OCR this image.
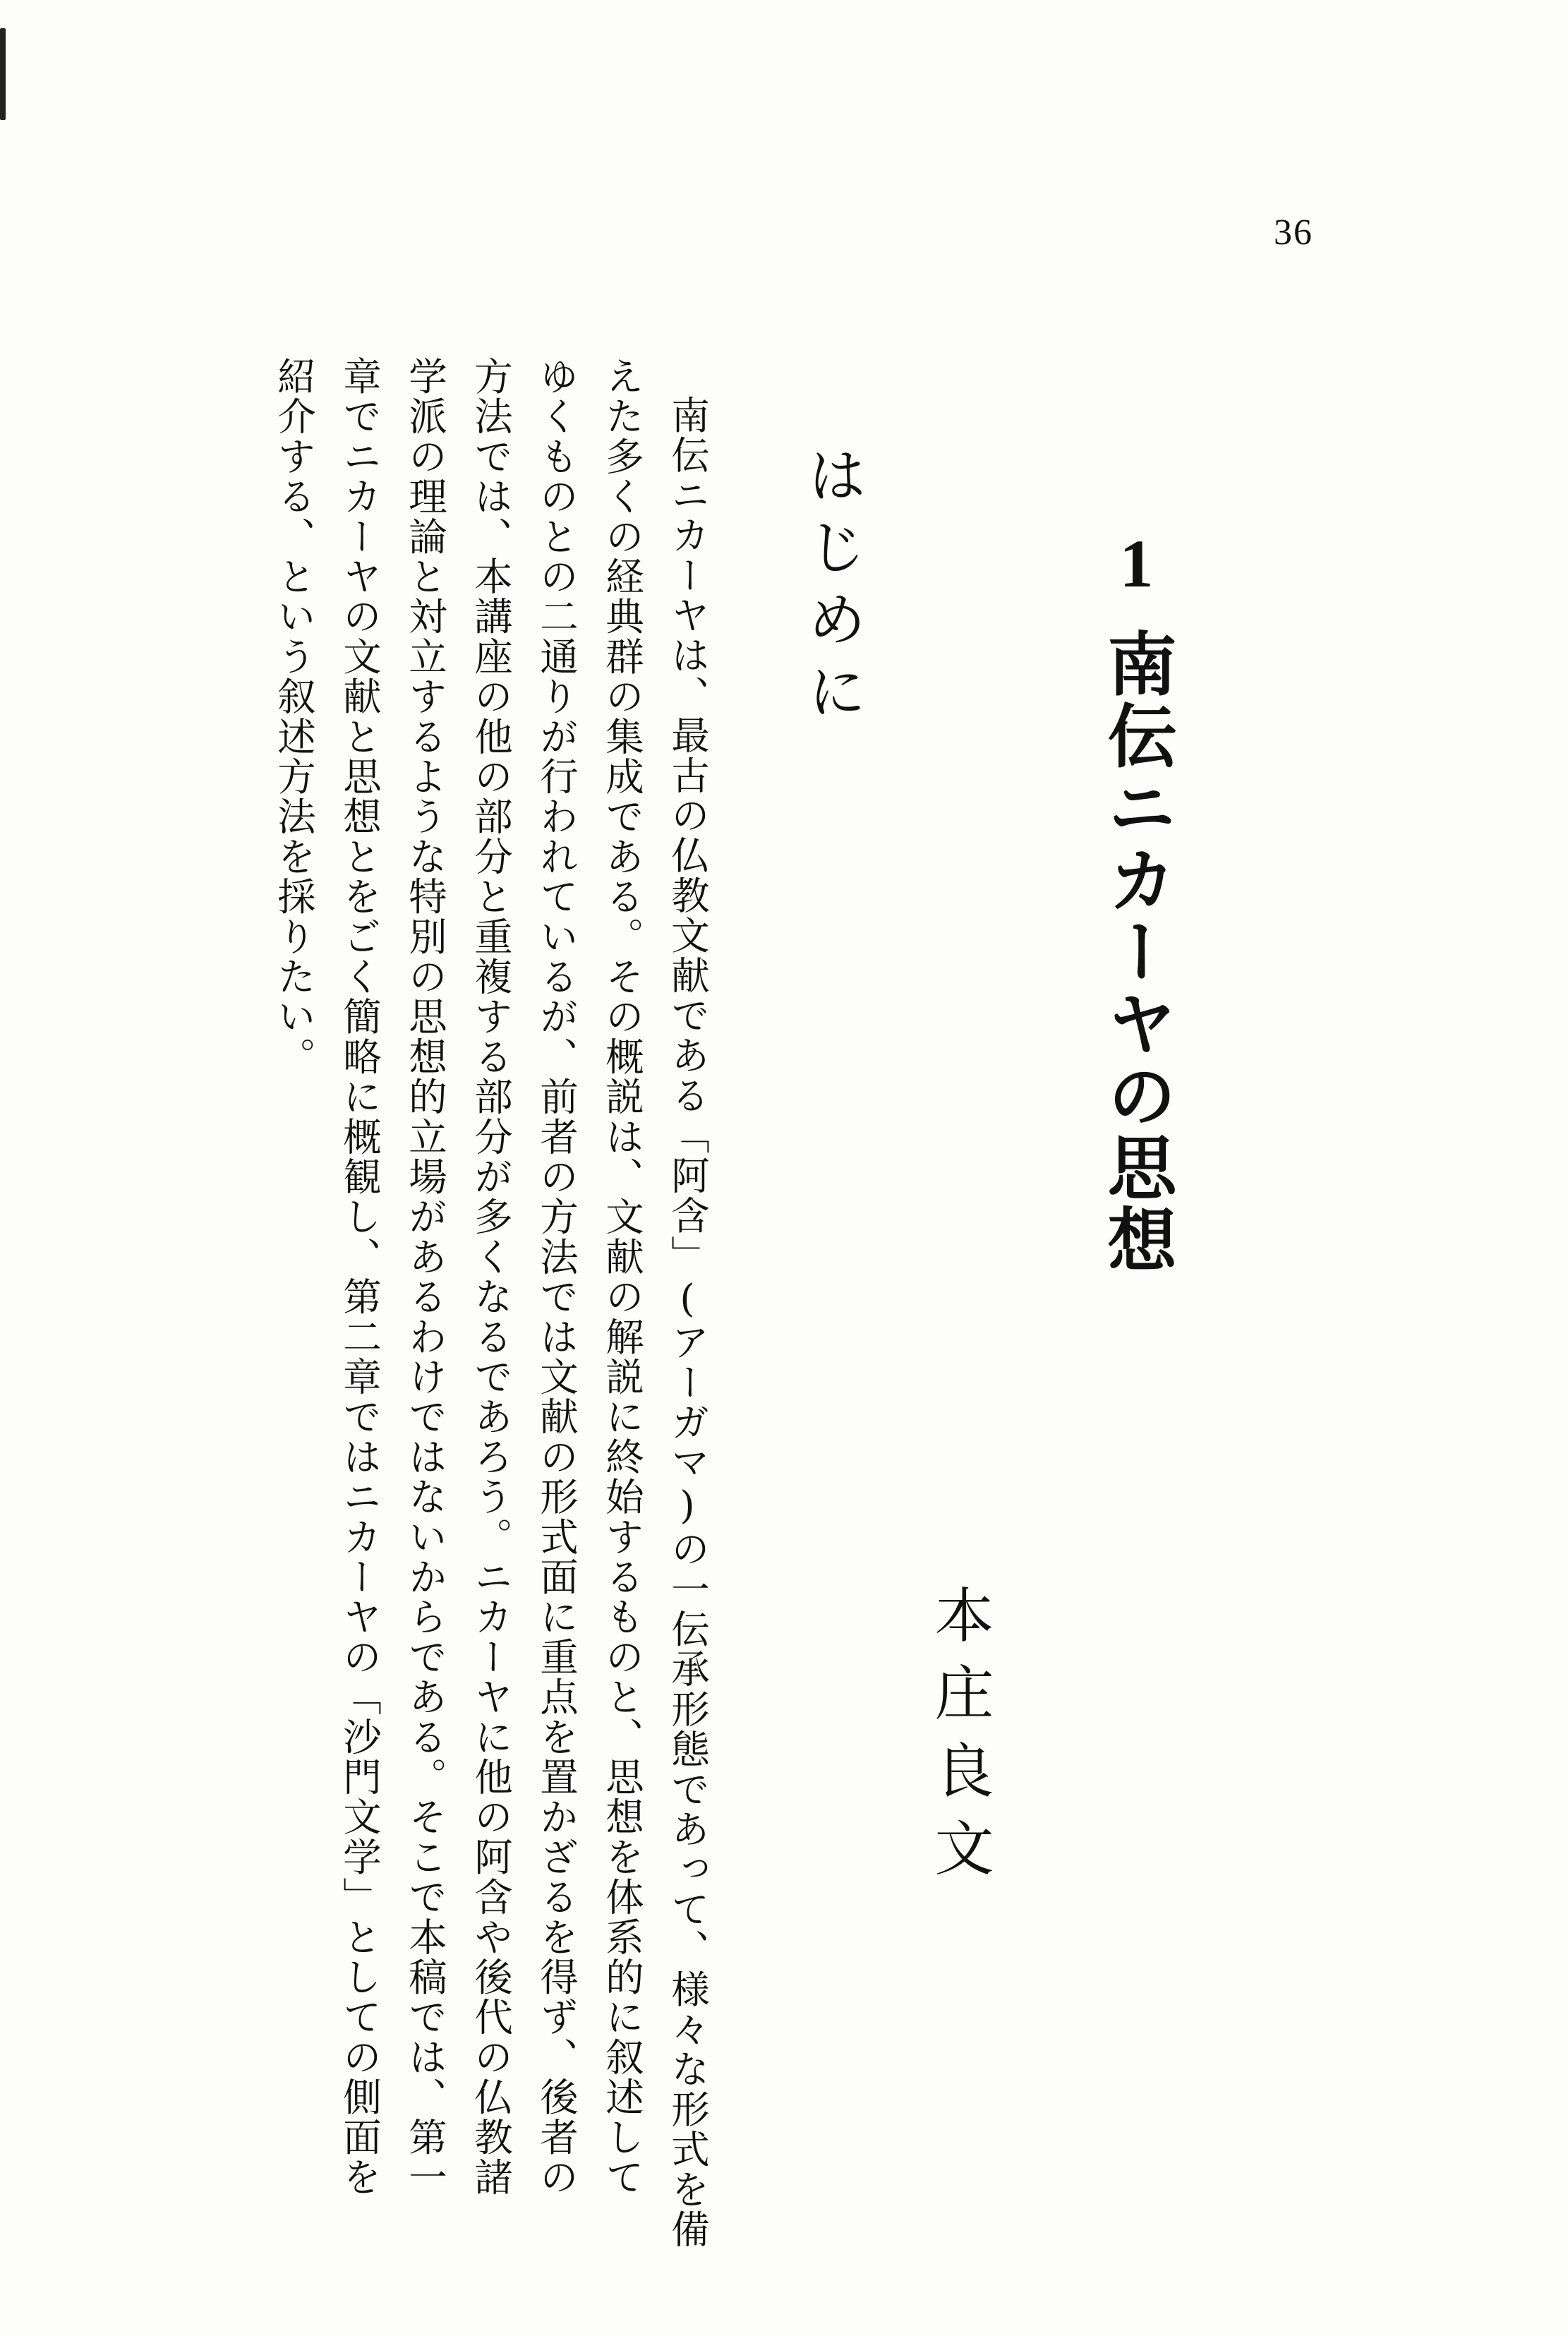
36
1
南伝ニカーヤの思想
本庄良文
はじめに
南伝ニカーヤは、最古の仏教文献である「阿含」(アーガマ)の一伝承形態であって、様々な形式を備
えた多くの経典群の集成である。その概説は、文献の解説に終始するものと、思想を体系的に叙述して
ゆくものとの二通りが行われているが、前者の方法では文献の形式面に重点を置かざるを得ず、後者の
方法では、本講座の他の部分と重複する部分が多くなるであろう。ニカーヤに他の阿含や後代の仏教諸
学派の理論と対立するような特別の思想的立場があるわけではないからである。そこで本稿では、第一
章でニカーヤの文献と思想とをごく簡略に概観し、第二章ではニカーヤの「沙門文学」としての側面を
紹介する、という叙述方法を採りたい。
